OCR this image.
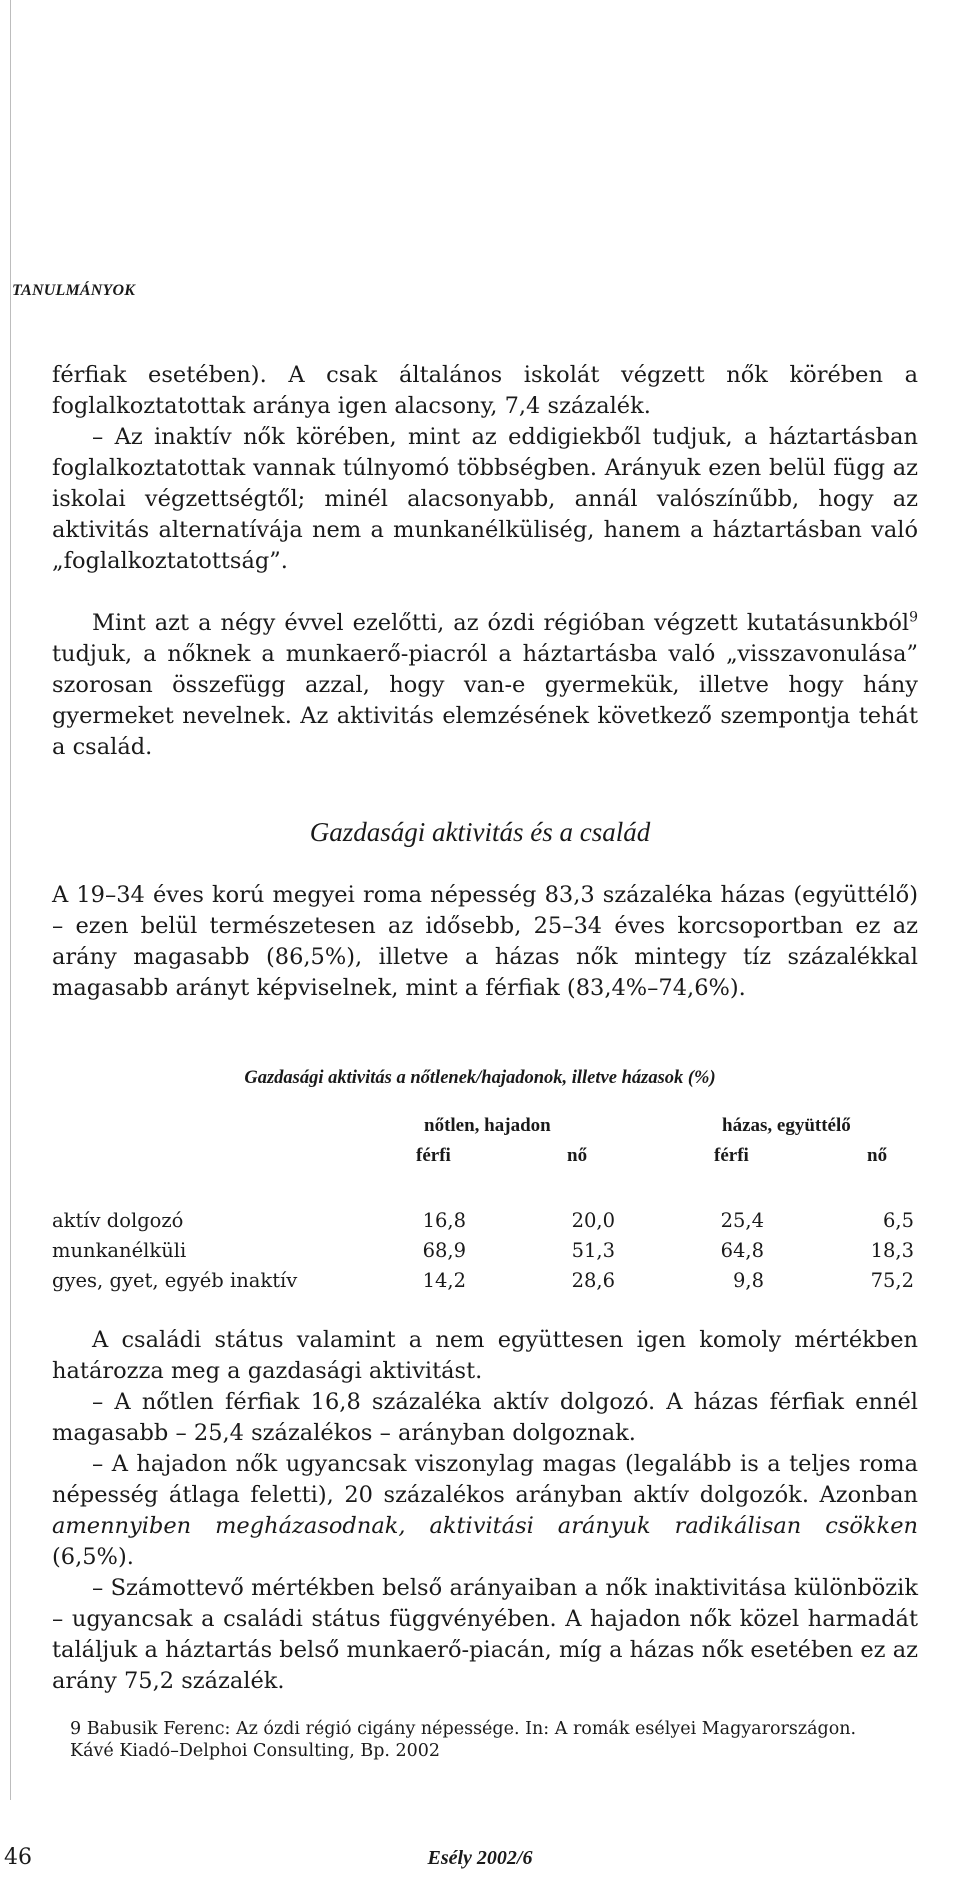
TANULMÁNYOK

férfiak esetében). A csak általános iskolát végzett nők körében a foglalkoztatottak aránya igen alacsony, 7,4 százalék.

– Az inaktív nők körében, mint az eddigiekből tudjuk, a háztartásban foglalkoztatottak vannak túlnyomó többségben. Arányuk ezen belül függ az iskolai végzettségtől; minél alacsonyabb, annál valószínűbb, hogy az aktivitás alternatívája nem a munkanélküliség, hanem a háztartásban való „foglalkoztatottság”.

Mint azt a négy évvel ezelőtti, az ózdi régióban végzett kutatásunkból$^9$ tudjuk, a nőknek a munkaerő-piacról a háztartásba való „visszavonulása” szorosan összefügg azzal, hogy van-e gyermekük, illetve hogy hány gyermeket nevelnek. Az aktivitás elemzésének következő szempontja tehát a család.

Gazdasági aktivitás és a család

A 19–34 éves korú megyei roma népesség 83,3 százaléka házas (együttélő) – ezen belül természetesen az idősebb, 25–34 éves korcsoportban ez az arány magasabb (86,5%), illetve a házas nők mintegy tíz százalékkal magasabb arányt képviselnek, mint a férfiak (83,4%–74,6%).

Gazdasági aktivitás a nőtlenek/hajadonok, illetve házasok (%)
nőtlen, hajadon	házas, együttélő
férfi	nő	férfi	nő
aktív dolgozó	16,8	20,0	25,4	6,5
munkanélküli	68,9	51,3	64,8	18,3
gyes, gyet, egyéb inaktív	14,2	28,6	9,8	75,2

A családi státus valamint a nem együttesen igen komoly mértékben határozza meg a gazdasági aktivitást.

– A nőtlen férfiak 16,8 százaléka aktív dolgozó. A házas férfiak ennél magasabb – 25,4 százalékos – arányban dolgoznak.

– A hajadon nők ugyancsak viszonylag magas (legalább is a teljes roma népesség átlaga feletti), 20 százalékos arányban aktív dolgozók. Azonban amennyiben megházasodnak, aktivitási arányuk radikálisan csökken (6,5%).

– Számottevő mértékben belső arányaiban a nők inaktivitása különbözik – ugyancsak a családi státus függvényében. A hajadon nők közel harmadát találjuk a háztartás belső munkaerő-piacán, míg a házas nők esetében ez az arány 75,2 százalék.

9 Babusik Ferenc: Az ózdi régió cigány népessége. In: A romák esélyei Magyarországon.
Kávé Kiadó–Delphoi Consulting, Bp. 2002
46	Esély 2002/6
